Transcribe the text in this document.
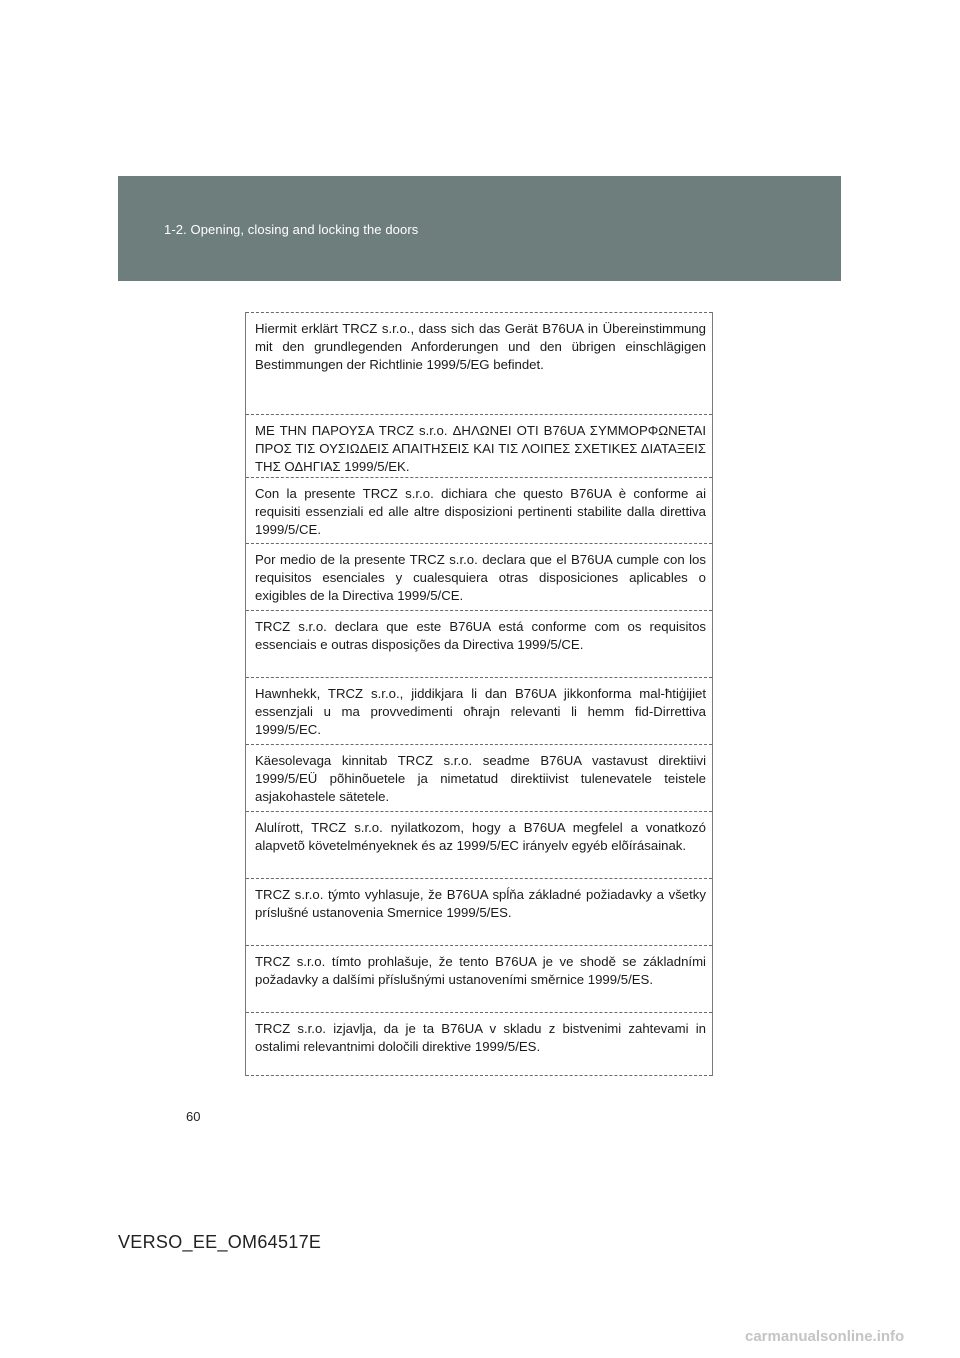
1-2. Opening, closing and locking the doors
Hiermit erklärt TRCZ s.r.o., dass sich das Gerät B76UA in Übereinstimmung mit den grundlegenden Anforderungen und den übrigen einschlägigen Bestimmungen der Richtlinie 1999/5/EG befindet.
ΜΕ ΤΗΝ ΠΑΡΟΥΣΑ TRCZ s.r.o. ΔΗΛΩΝΕΙ ΟΤΙ B76UA ΣΥΜΜΟΡΦΩΝΕΤΑΙ ΠΡΟΣ ΤΙΣ ΟΥΣΙΩΔΕΙΣ ΑΠΑΙΤΗΣΕΙΣ ΚΑΙ ΤΙΣ ΛΟΙΠΕΣ ΣΧΕΤΙΚΕΣ ΔΙΑΤΑΞΕΙΣ ΤΗΣ ΟΔΗΓΙΑΣ 1999/5/ΕΚ.
Con la presente TRCZ s.r.o. dichiara che questo B76UA è conforme ai requisiti essenziali ed alle altre disposizioni pertinenti stabilite dalla direttiva 1999/5/CE.
Por medio de la presente TRCZ s.r.o. declara que el B76UA cumple con los requisitos esenciales y cualesquiera otras disposiciones aplicables o exigibles de la Directiva 1999/5/CE.
TRCZ s.r.o. declara que este B76UA está conforme com os requisitos essenciais e outras disposições da Directiva 1999/5/CE.
Hawnhekk, TRCZ s.r.o., jiddikjara li dan B76UA jikkonforma mal-ħtiġijiet essenzjali u ma provvedimenti oħrajn relevanti li hemm fid-Dirrettiva 1999/5/EC.
Käesolevaga kinnitab TRCZ s.r.o. seadme B76UA vastavust direktiivi 1999/5/EÜ põhinõuetele ja nimetatud direktiivist tulenevatele teistele asjakohastele sätetele.
Alulírott, TRCZ s.r.o. nyilatkozom, hogy a B76UA megfelel a vonatkozó alapvetõ követelményeknek és az 1999/5/EC irányelv egyéb elõírásainak.
TRCZ s.r.o. týmto vyhlasuje, že B76UA spĺňa základné požiadavky a všetky príslušné ustanovenia Smernice 1999/5/ES.
TRCZ s.r.o. tímto prohlašuje, že tento B76UA je ve shodě se základními požadavky a dalšími příslušnými ustanoveními směrnice 1999/5/ES.
TRCZ s.r.o. izjavlja, da je ta B76UA v skladu z bistvenimi zahtevami in ostalimi relevantnimi določili direktive 1999/5/ES.
60
VERSO_EE_OM64517E
carmanualsonline.info
